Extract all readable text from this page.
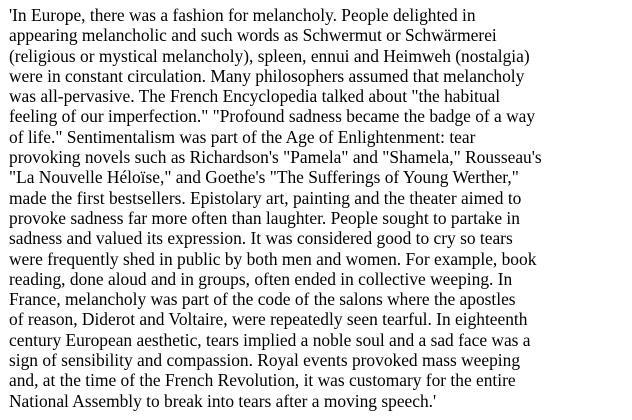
'In Europe, there was a fashion for melancholy. People delighted in
appearing melancholic and such words as Schwermut or Schwärmerei
(religious or mystical melancholy), spleen, ennui and Heimweh (nostalgia)
were in constant circulation. Many philosophers assumed that melancholy
was all-pervasive. The French Encyclopedia talked about "the habitual
feeling of our imperfection." "Profound sadness became the badge of a way
of life." Sentimentalism was part of the Age of Enlightenment: tear
provoking novels such as Richardson's "Pamela" and "Shamela," Rousseau's
"La Nouvelle Héloïse," and Goethe's "The Sufferings of Young Werther,"
made the first bestsellers. Epistolary art, painting and the theater aimed to
provoke sadness far more often than laughter. People sought to partake in
sadness and valued its expression. It was considered good to cry so tears
were frequently shed in public by both men and women. For example, book
reading, done aloud and in groups, often ended in collective weeping. In
France, melancholy was part of the code of the salons where the apostles
of reason, Diderot and Voltaire, were repeatedly seen tearful. In eighteenth
century European aesthetic, tears implied a noble soul and a sad face was a
sign of sensibility and compassion. Royal events provoked mass weeping
and, at the time of the French Revolution, it was customary for the entire
National Assembly to break into tears after a moving speech.'
